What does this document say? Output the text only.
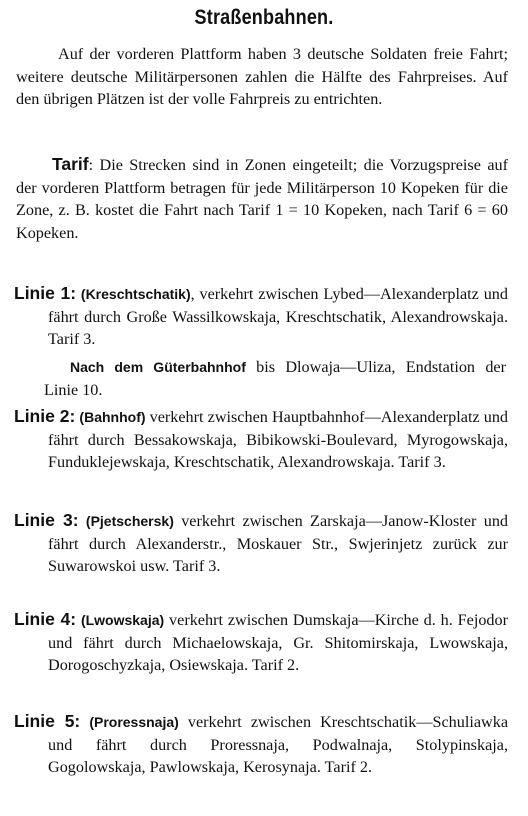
Straßenbahnen.

Auf der vorderen Plattform haben 3 deutsche Soldaten freie Fahrt; weitere deutsche Militärpersonen zahlen die Hälfte des Fahrpreises. Auf den übrigen Plätzen ist der volle Fahrpreis zu entrichten.

Tarif: Die Strecken sind in Zonen eingeteilt; die Vorzugspreise auf der vorderen Plattform betragen für jede Militärperson 10 Kopeken für die Zone, z. B. kostet die Fahrt nach Tarif 1 = 10 Kopeken, nach Tarif 6 = 60 Kopeken.

Linie 1: (Kreschtschatik), verkehrt zwischen Lybed—Alexanderplatz und fährt durch Große Wassilkowskaja, Kreschtschatik, Alexandrowskaja. Tarif 3.

Nach dem Güterbahnhof bis Dlowaja—Uliza, Endstation der Linie 10.

Linie 2: (Bahnhof) verkehrt zwischen Hauptbahnhof—Alexanderplatz und fährt durch Bessakowskaja, Bibikowski-Boulevard, Myrogowskaja, Funduklejewskaja, Kreschtschatik, Alexandrowskaja. Tarif 3.

Linie 3: (Pjetschersk) verkehrt zwischen Zarskaja—Janow-Kloster und fährt durch Alexanderstr., Moskauer Str., Swjerinjetz zurück zur Suwarowskoi usw. Tarif 3.

Linie 4: (Lwowskaja) verkehrt zwischen Dumskaja—Kirche d. h. Fejodor und fährt durch Michaelowskaja, Gr. Shitomirskaja, Lwowskaja, Dorogoschyzkaja, Osiewskaja. Tarif 2.

Linie 5: (Proressnaja) verkehrt zwischen Kreschtschatik—Schuliawka und fährt durch Proressnaja, Podwalnaja, Stolypinskaja, Gogolowskaja, Pawlowskaja, Kerosynaja. Tarif 2.
